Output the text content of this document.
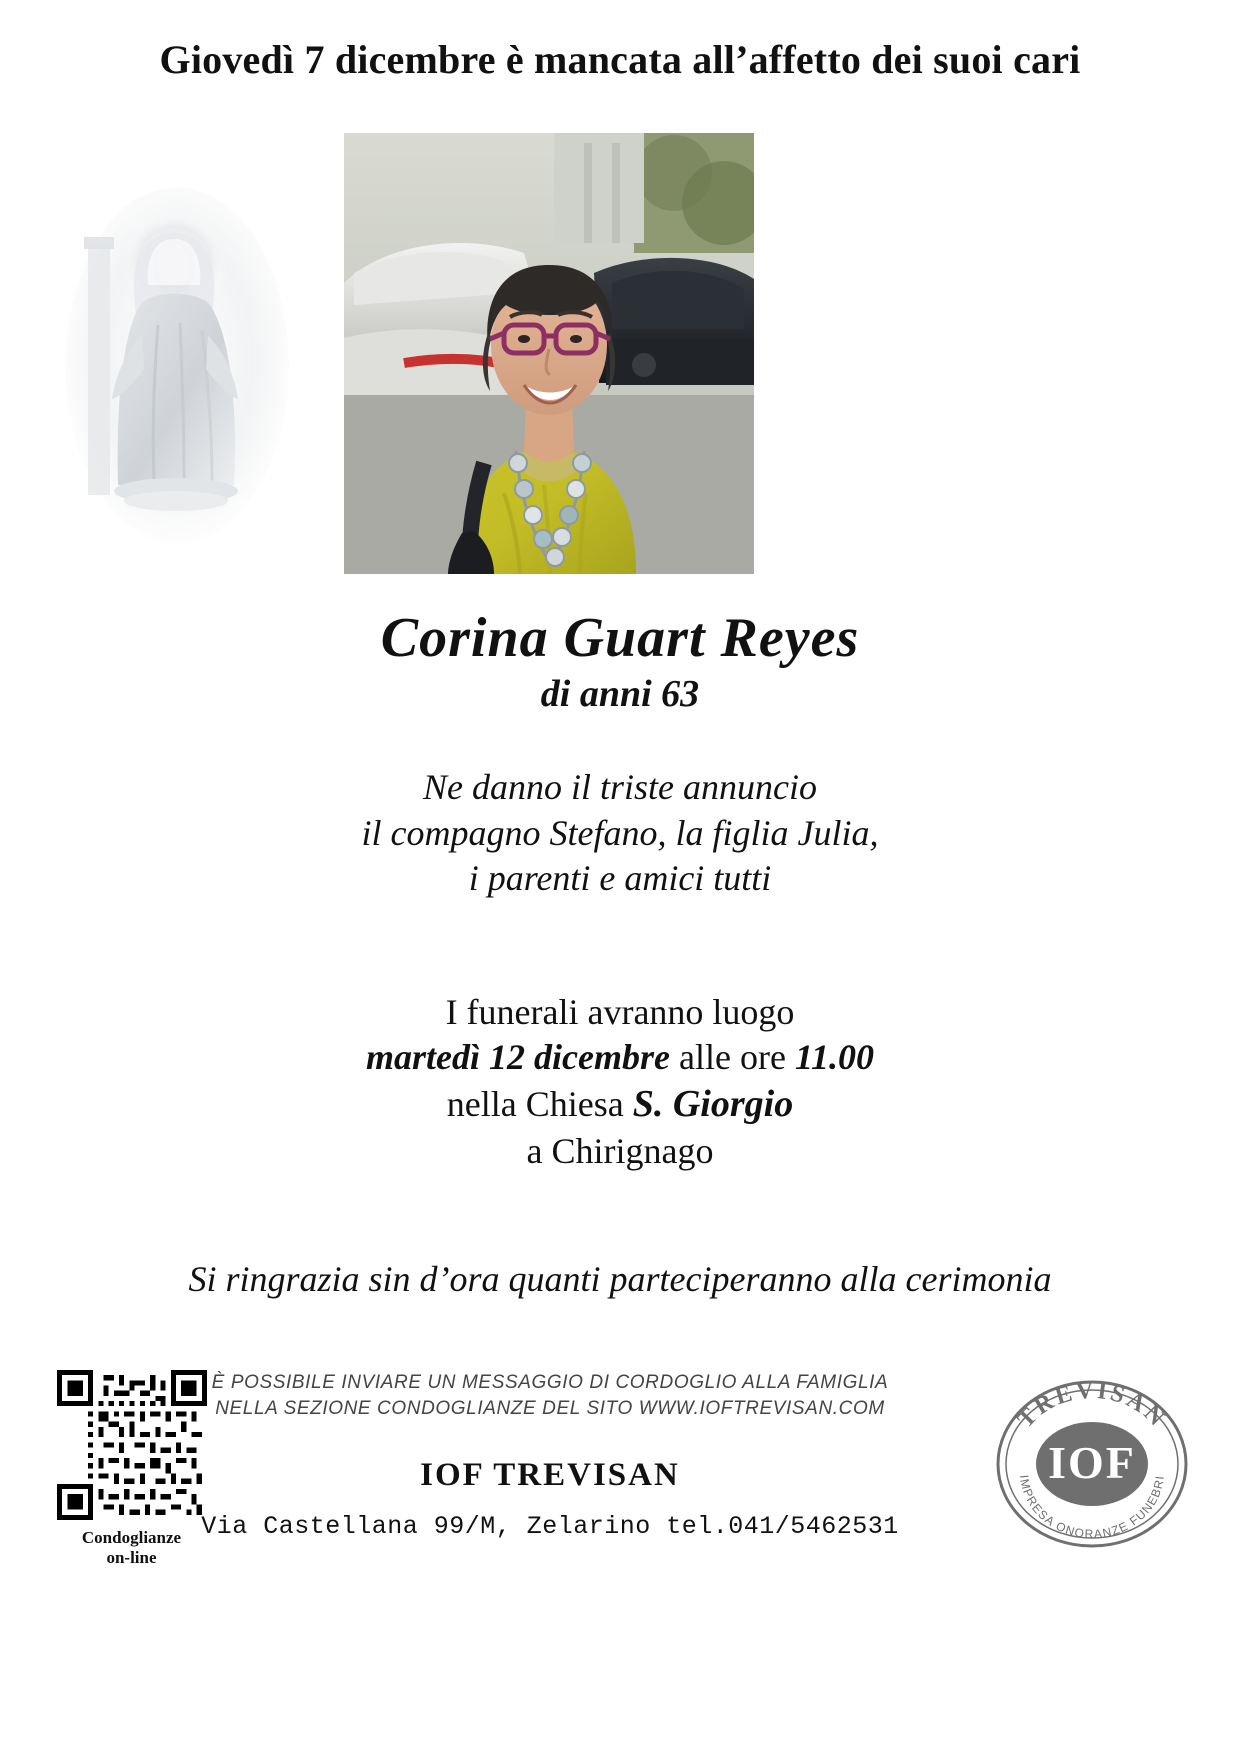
Giovedì 7 dicembre è mancata all’affetto dei suoi cari
Corina Guart Reyes
di anni 63
Ne danno il triste annuncio
il compagno Stefano, la figlia Julia,
i parenti e amici tutti
I funerali avranno luogo
martedì 12 dicembre alle ore 11.00
nella Chiesa S. Giorgio
a Chirignago
Si ringrazia sin d’ora quanti parteciperanno alla cerimonia
Condoglianze
on-line
È POSSIBILE INVIARE UN MESSAGGIO DI CORDOGLIO ALLA FAMIGLIA
NELLA SEZIONE CONDOGLIANZE DEL SITO WWW.IOFTREVISAN.COM
IOF TREVISAN
Via Castellana 99/M, Zelarino tel.041/5462531
IOF
TREVISAN
IMPRESA ONORANZE FUNEBRI
